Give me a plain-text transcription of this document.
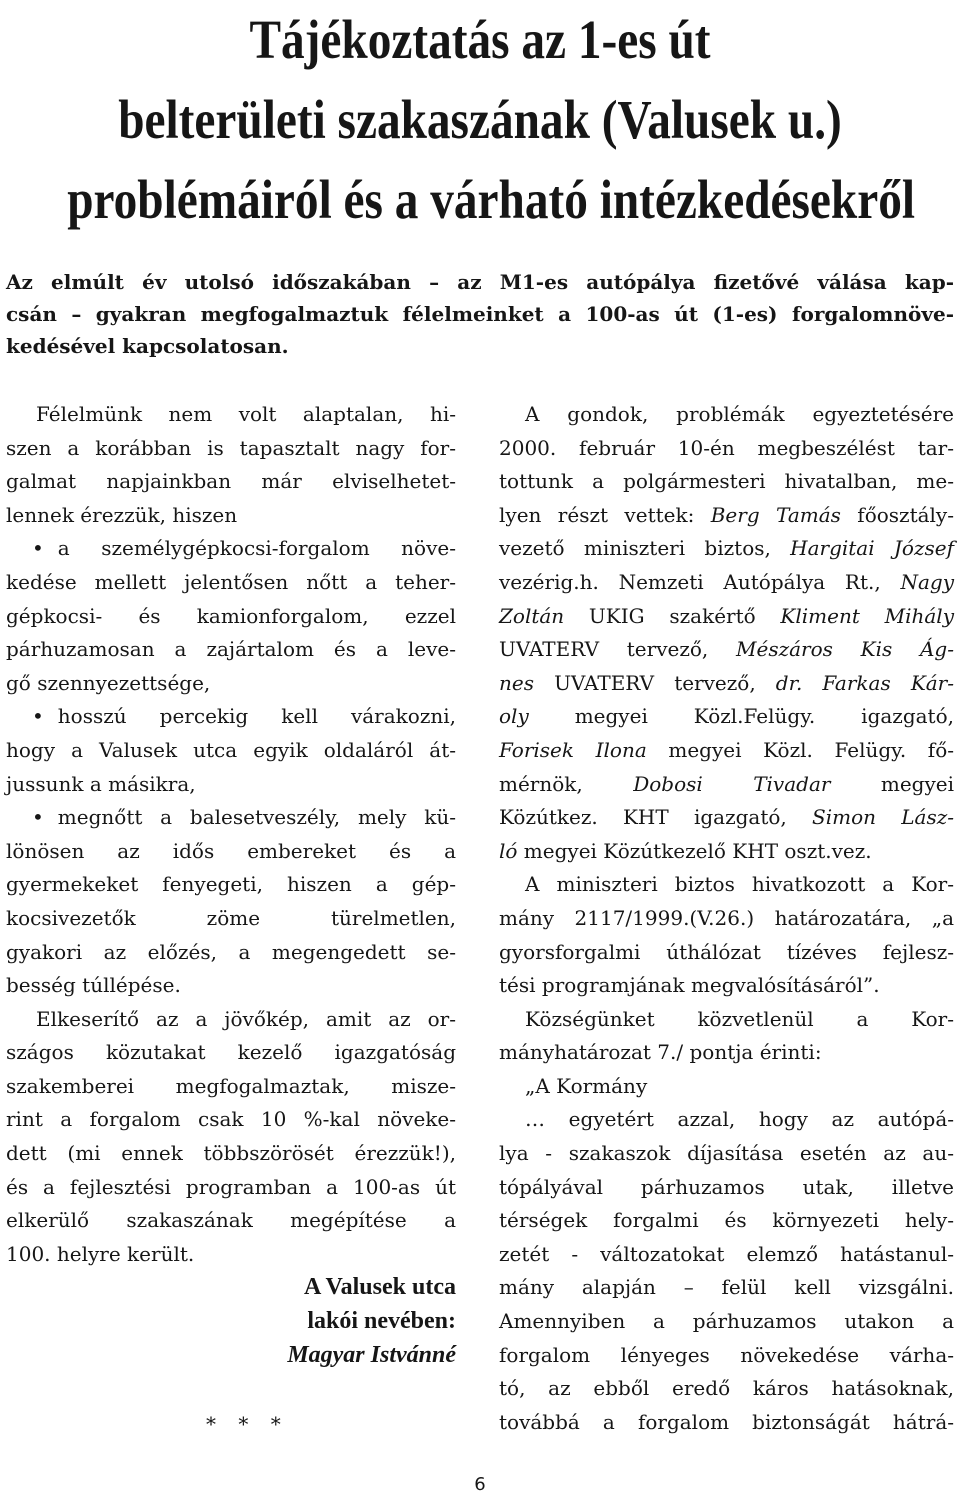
Tájékoztatás az 1-es út
belterületi szakaszának (Valusek u.)
problémáiról és a várható intézkedésekről

Az elmúlt év utolsó időszakában – az M1-es autópálya fizetővé válása kap-
csán – gyakran megfogalmaztuk félelmeinket a 100-as út (1-es) forgalomnöve-
kedésével kapcsolatosan.

Félelmünk nem volt alaptalan, hi-
szen a korábban is tapasztalt nagy for-
galmat napjainkban már elviselhetet-
lennek érezzük, hiszen
• a személygépkocsi-forgalom növe-
kedése mellett jelentősen nőtt a teher-
gépkocsi- és kamionforgalom, ezzel
párhuzamosan a zajártalom és a leve-
gő szennyezettsége,
• hosszú percekig kell várakozni,
hogy a Valusek utca egyik oldaláról át-
jussunk a másikra,
• megnőtt a balesetveszély, mely kü-
lönösen az idős embereket és a
gyermekeket fenyegeti, hiszen a gép-
kocsivezetők zöme türelmetlen,
gyakori az előzés, a megengedett se-
besség túllépése.
Elkeserítő az a jövőkép, amit az or-
szágos közutakat kezelő igazgatóság
szakemberei megfogalmaztak, misze-
rint a forgalom csak 10 %-kal növeke-
dett (mi ennek többszörösét érezzük!),
és a fejlesztési programban a 100-as út
elkerülő szakaszának megépítése a
100. helyre került.
A Valusek utca
lakói nevében:
Magyar Istvánné
* * *
A gondok, problémák egyeztetésére
2000. február 10-én megbeszélést tar-
tottunk a polgármesteri hivatalban, me-
lyen részt vettek: Berg Tamás főosztály-
vezető miniszteri biztos, Hargitai József
vezérig.h. Nemzeti Autópálya Rt., Nagy
Zoltán UKIG szakértő Kliment Mihály
UVATERV tervező, Mészáros Kis Ág-
nes UVATERV tervező, dr. Farkas Kár-
oly megyei Közl.Felügy. igazgató,
Forisek Ilona megyei Közl. Felügy. fő-
mérnök, Dobosi Tivadar megyei
Közútkez. KHT igazgató, Simon Lász-
ló megyei Közútkezelő KHT oszt.vez.
A miniszteri biztos hivatkozott a Kor-
mány 2117/1999.(V.26.) határozatára, „a
gyorsforgalmi úthálózat tízéves fejlesz-
tési programjának megvalósításáról”.
Községünket közvetlenül a Kor-
mányhatározat 7./ pontja érinti:
„A Kormány
… egyetért azzal, hogy az autópá-
lya - szakaszok díjasítása esetén az au-
tópályával párhuzamos utak, illetve
térségek forgalmi és környezeti hely-
zetét - változatokat elemző hatástanul-
mány alapján – felül kell vizsgálni.
Amennyiben a párhuzamos utakon a
forgalom lényeges növekedése várha-
tó, az ebből eredő káros hatásoknak,
továbbá a forgalom biztonságát hátrá-
6
